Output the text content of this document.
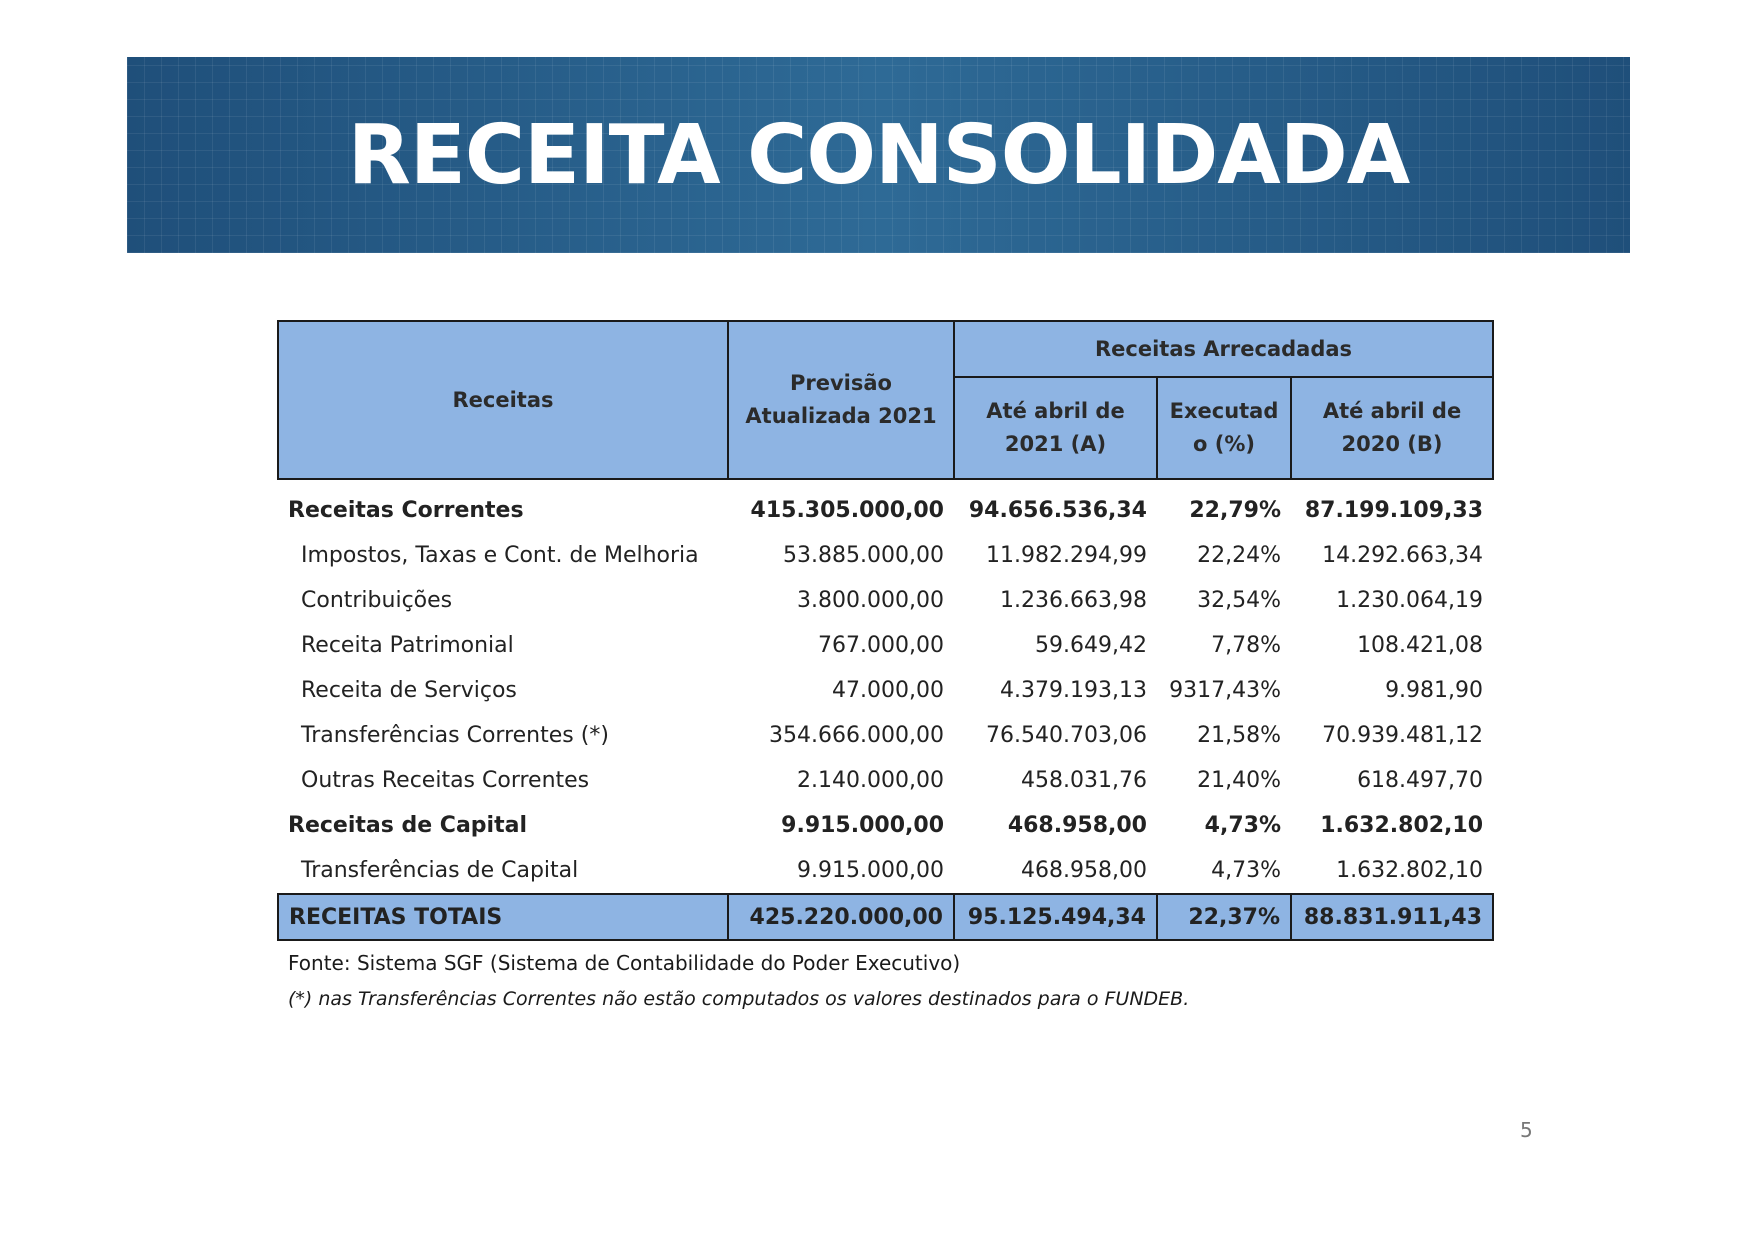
RECEITA CONSOLIDADA
Receitas	Previsão Atualizada 2021	Receitas Arrecadadas		
		Até abril de 2021 (A)	Executad o (%)	Até abril de 2020 (B)
Receitas Correntes	415.305.000,00	94.656.536,34	22,79%	87.199.109,33
Impostos, Taxas e Cont. de Melhoria	53.885.000,00	11.982.294,99	22,24%	14.292.663,34
Contribuições	3.800.000,00	1.236.663,98	32,54%	1.230.064,19
Receita Patrimonial	767.000,00	59.649,42	7,78%	108.421,08
Receita de Serviços	47.000,00	4.379.193,13	9317,43%	9.981,90
Transferências Correntes (*)	354.666.000,00	76.540.703,06	21,58%	70.939.481,12
Outras Receitas Correntes	2.140.000,00	458.031,76	21,40%	618.497,70
Receitas de Capital	9.915.000,00	468.958,00	4,73%	1.632.802,10
Transferências de Capital	9.915.000,00	468.958,00	4,73%	1.632.802,10
RECEITAS TOTAIS	425.220.000,00	95.125.494,34	22,37%	88.831.911,43
Fonte: Sistema SGF (Sistema de Contabilidade do Poder Executivo)
(*) nas Transferências Correntes não estão computados os valores destinados para o FUNDEB.
5
